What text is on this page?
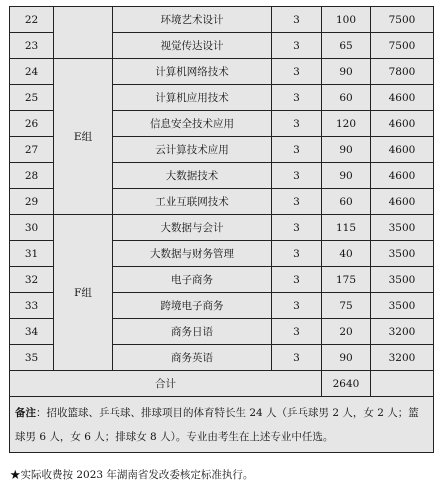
22		环境艺术设计	3	100	7500
23		视觉传达设计	3	65	7500
24	E组	计算机网络技术	3	90	7800
25		计算机应用技术	3	60	4600
26		信息安全技术应用	3	120	4600
27		云计算技术应用	3	90	4600
28		大数据技术	3	90	4600
29		工业互联网技术	3	60	4600
30	F组	大数据与会计	3	115	3500
31		大数据与财务管理	3	40	3500
32		电子商务	3	175	3500
33		跨境电子商务	3	75	3500
34		商务日语	3	20	3200
35		商务英语	3	90	3200
合计				2640	
备注：招收篮球、乒乓球、排球项目的体育特长生 24 人（乒乓球男 2 人，女 2 人；篮球男 6 人，女 6 人；排球女 8 人）。专业由考生在上述专业中任选。					
★实际收费按 2023 年湖南省发改委核定标准执行。
